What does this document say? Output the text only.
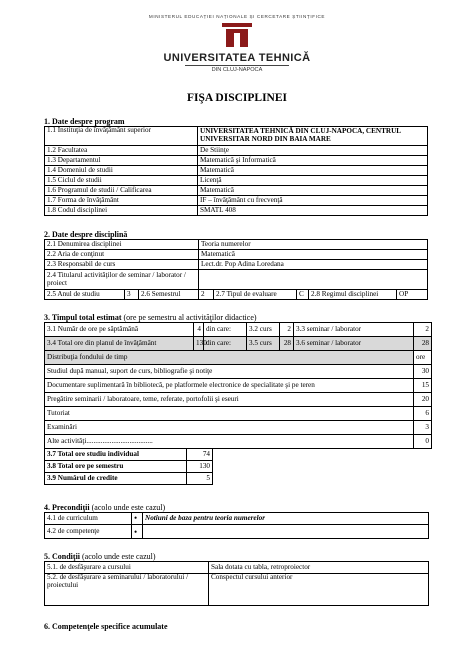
MINISTERUL EDUCAȚIEI NAȚIONALE ȘI CERCETARE ȘTIINȚIFICE
UNIVERSITATEA TEHNICĂ
DIN CLUJ-NAPOCA
FIŞA DISCIPLINEI
1. Date despre program
1.1 Instituţia de învăţământ superior	UNIVERSITATEA TEHNICĂ DIN CLUJ-NAPOCA, CENTRUL UNIVERSITAR NORD DIN BAIA MARE
1.2 Facultatea	De Stiinţe
1.3 Departamentul	Matematică şi Informatică
1.4 Domeniul de studii	Matematică
1.5 Ciclul de studii	Licenţă
1.6 Programul de studii / Calificarea	Matematică
1.7 Forma de învăţământ	IF – învăţământ cu frecvenţă
1.8 Codul disciplinei	SMATL 408
2. Date despre disciplină
2.1 Denumirea disciplinei			Teoria numerelor				
2.2 Aria de conţinut			Matematică				
2.3 Responsabil de curs			Lect.dr. Pop Adina Loredana				
2.4 Titularul activităţilor de seminar / laborator / proiect							
2.5 Anul de studiu	3	2.6 Semestrul	2	2.7 Tipul de evaluare	C	2.8 Regimul disciplinei	OP
3. Timpul total estimat (ore pe semestru al activităţilor didactice)
3.1 Număr de ore pe săptămână	4	din care:	3.2 curs	2	3.3 seminar / laborator	2
3.4 Total ore din planul de învăţământ	130	din care:	3.5 curs	28	3.6 seminar / laborator	28
Distribuţia fondului de timp						ore
Studiul după manual, suport de curs, bibliografie şi notiţe						30
Documentare suplimentară în bibliotecă, pe platformele electronice de specialitate şi pe teren						15
Pregătire seminarii / laboratoare, teme, referate, portofolii şi eseuri						20
Tutoriat						6
Examinări						3
Alte activităţi.....................................						0
3.7 Total ore studiu individual	74
3.8 Total ore pe semestru	130
3.9 Numărul de credite	5
4. Precondiţii (acolo unde este cazul)
4.1 de curriculum	•	Notiuni de baza pentru teoria numerelor
4.2 de competenţe	•	
5. Condiţii (acolo unde este cazul)
5.1. de desfăşurare a cursului	Sala dotata cu tabla, retroproiector
5.2. de desfăşurare a seminarului / laboratorului / proiectului	Conspectul cursului anterior
6. Competenţele specifice acumulate
